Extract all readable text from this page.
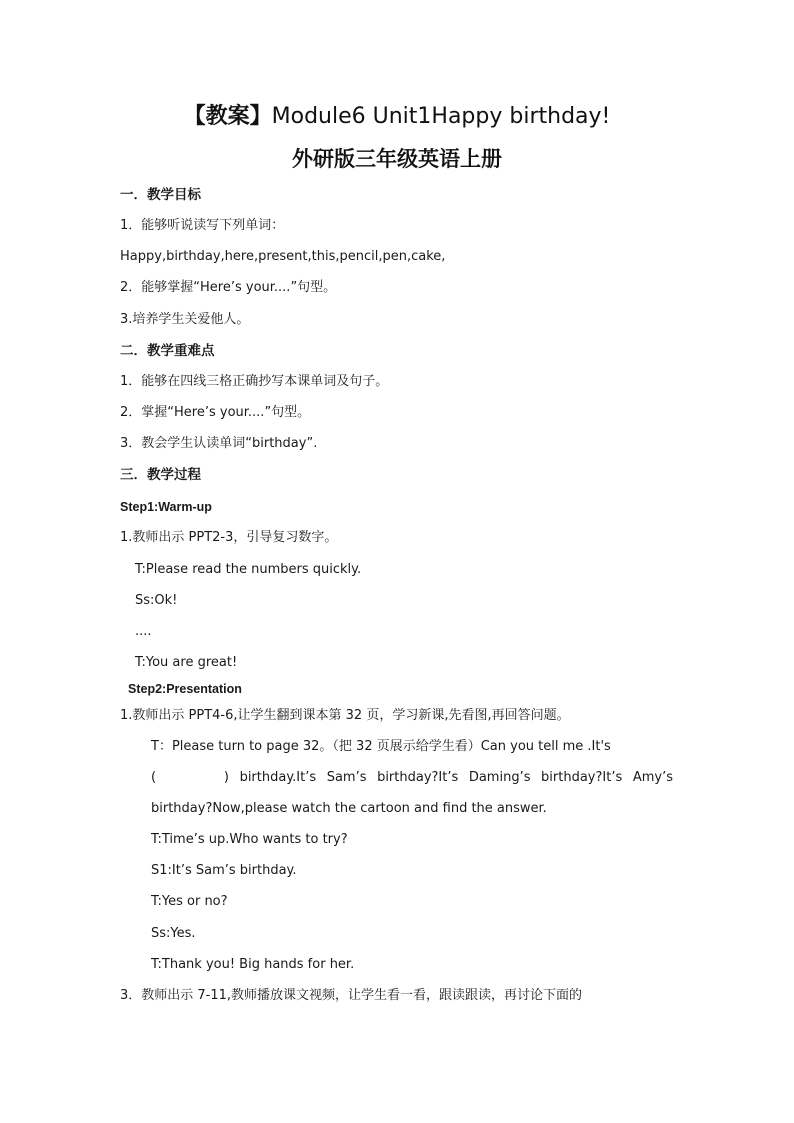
【教案】Module6 Unit1Happy birthday!
外研版三年级英语上册
一．教学目标
1．能够听说读写下列单词：
Happy,birthday,here,present,this,pencil,pen,cake,
2．能够掌握“Here’s your....”句型。
3.培养学生关爱他人。
二．教学重难点
1．能够在四线三格正确抄写本课单词及句子。
2．掌握“Here’s your....”句型。
3．教会学生认读单词“birthday”.
三．教学过程
Step1:Warm-up
1.教师出示 PPT2-3，引导复习数字。
T:Please read the numbers quickly.
Ss:Ok!
....
T:You are great!
Step2:Presentation
1.教师出示 PPT4-6,让学生翻到课本第 32 页，学习新课,先看图,再回答问题。
T：Please turn to page 32。（把 32 页展示给学生看）Can you tell me .It's
(	) birthday.It’s Sam’s birthday?It’s Daming’s birthday?It’s Amy’s
birthday?Now,please watch the cartoon and find the answer.
T:Time’s up.Who wants to try?
S1:It’s Sam’s birthday.
T:Yes or no?
Ss:Yes.
T:Thank you! Big hands for her.
3．教师出示 7-11,教师播放课文视频，让学生看一看，跟读跟读，再讨论下面的
